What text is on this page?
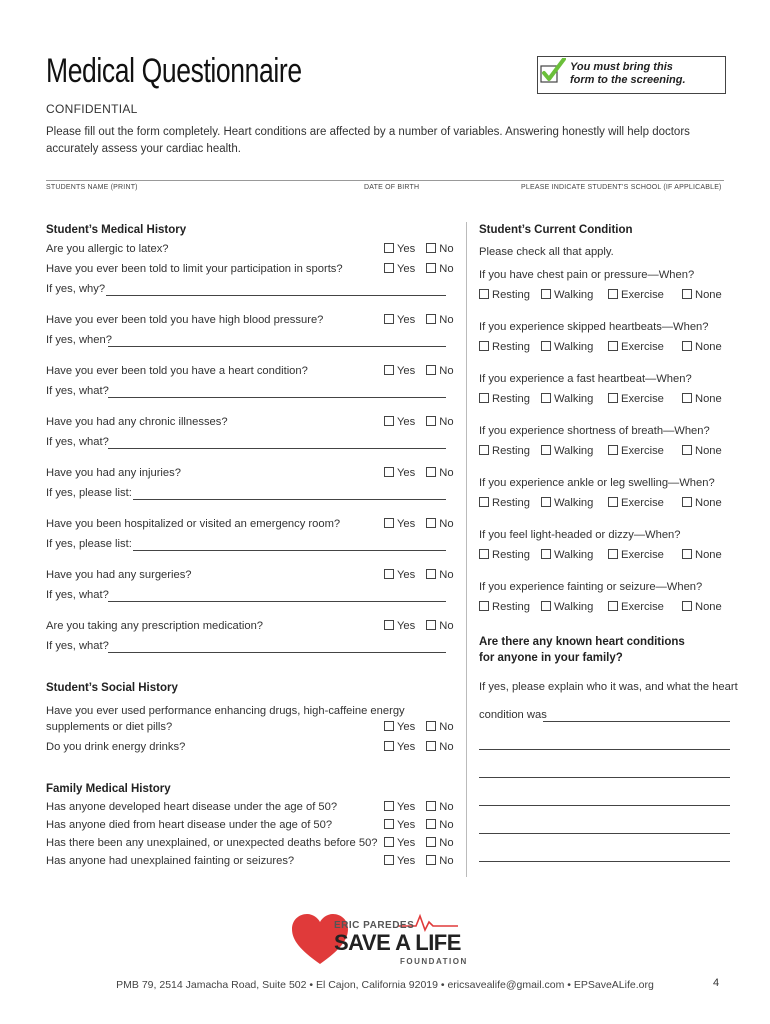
Medical Questionnaire	You must bring this
form to the screening.
CONFIDENTIAL
Please fill out the form completely. Heart conditions are affected by a number of variables. Answering honestly will help doctors accurately assess your cardiac health.
STUDENTS NAME (PRINT)	DATE OF BIRTH	PLEASE INDICATE STUDENT’S SCHOOL (IF APPLICABLE)
Student’s Medical History
Are you allergic to latex?	Yes No
Have you ever been told to limit your participation in sports?	Yes No
If yes, why?
Have you ever been told you have high blood pressure?	Yes No
If yes, when?
Have you ever been told you have a heart condition?	Yes No
If yes, what?
Have you had any chronic illnesses?	Yes No
If yes, what?
Have you had any injuries?	Yes No
If yes, please list:
Have you been hospitalized or visited an emergency room?	Yes No
If yes, please list:
Have you had any surgeries?	Yes No
If yes, what?
Are you taking any prescription medication?	Yes No
If yes, what?
Student’s Social History
Have you ever used performance enhancing drugs, high-caffeine energy
supplements or diet pills?	Yes No
Do you drink energy drinks?	Yes No
Family Medical History
Has anyone developed heart disease under the age of 50?	Yes No
Has anyone died from heart disease under the age of 50?	Yes No
Has there been any unexplained, or unexpected deaths before 50?	Yes No
Has anyone had unexplained fainting or seizures?	Yes No
Student’s Current Condition
Please check all that apply.
If you have chest pain or pressure—When?
Resting	Walking	Exercise	None
If you experience skipped heartbeats—When?
Resting	Walking	Exercise	None
If you experience a fast heartbeat—When?
Resting	Walking	Exercise	None
If you experience shortness of breath—When?
Resting	Walking	Exercise	None
If you experience ankle or leg swelling—When?
Resting	Walking	Exercise	None
If you feel light-headed or dizzy—When?
Resting	Walking	Exercise	None
If you experience fainting or seizure—When?
Resting	Walking	Exercise	None
Are there any known heart conditions
for anyone in your family?
If yes, please explain who it was, and what the heart
condition was
ERIC PAREDES
SAVE A LIFE
FOUNDATION
PMB 79, 2514 Jamacha Road, Suite 502 • El Cajon, California 92019 • ericsavealife@gmail.com • EPSaveALife.org	4
